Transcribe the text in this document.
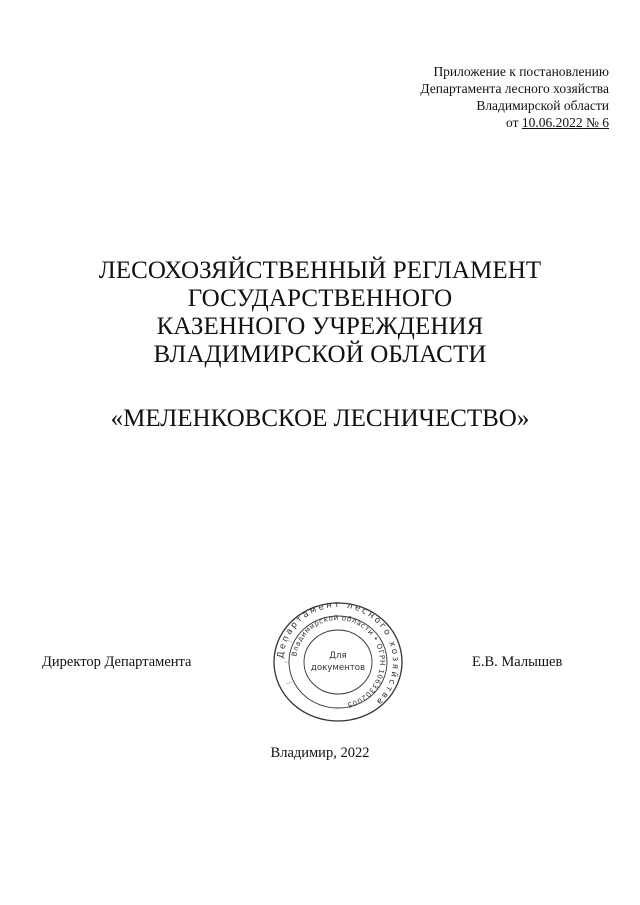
Приложение к постановлению
Департамента лесного хозяйства
Владимирской области
от 10.06.2022 № 6
ЛЕСОХОЗЯЙСТВЕННЫЙ РЕГЛАМЕНТ
ГОСУДАРСТВЕННОГО
КАЗЕННОГО УЧРЕЖДЕНИЯ
ВЛАДИМИРСКОЙ ОБЛАСТИ
«МЕЛЕНКОВСКОЕ ЛЕСНИЧЕСТВО»
Директор Департамента
Департамент лесного хозяйства
Владимирской области • ОГРН 1063302005
Для
документов	Е.В. Малышев
Владимир, 2022
